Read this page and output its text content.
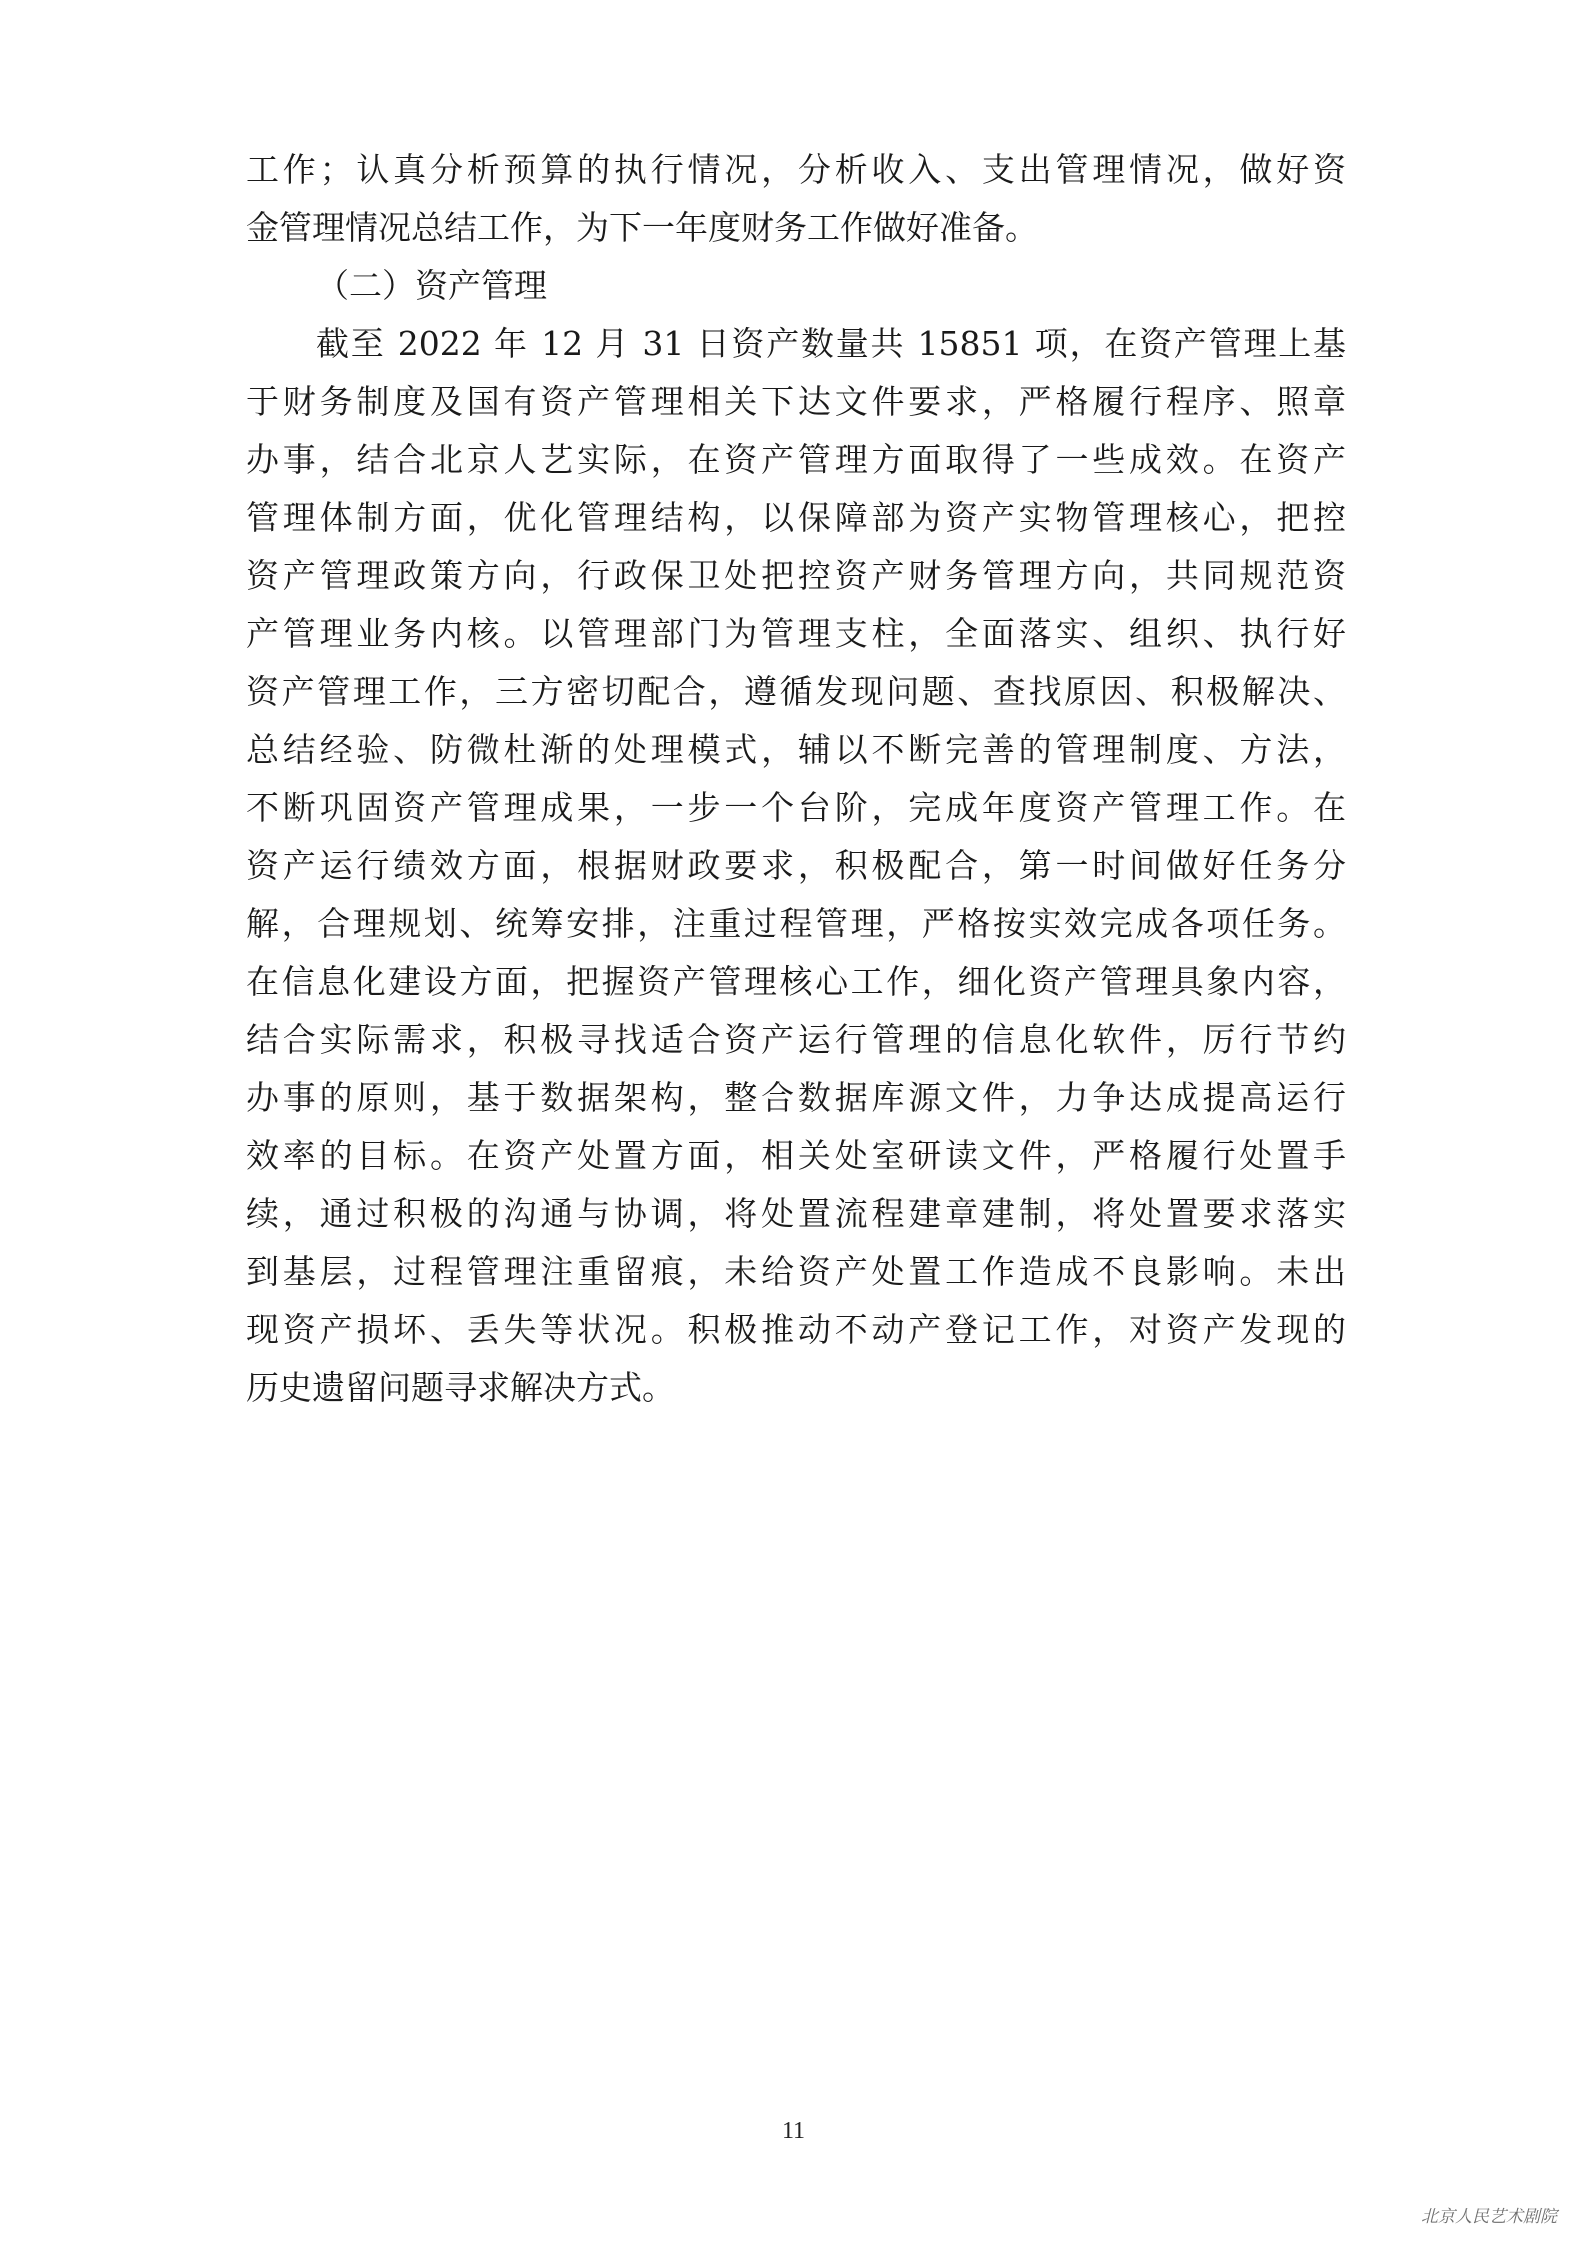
工作；认真分析预算的执行情况，分析收入、支出管理情况，做好资
金管理情况总结工作，为下一年度财务工作做好准备。
（二）资产管理
截至 2022 年 12 月 31 日资产数量共 15851 项，在资产管理上基
于财务制度及国有资产管理相关下达文件要求，严格履行程序、照章
办事，结合北京人艺实际，在资产管理方面取得了一些成效。在资产
管理体制方面，优化管理结构，以保障部为资产实物管理核心，把控
资产管理政策方向，行政保卫处把控资产财务管理方向，共同规范资
产管理业务内核。以管理部门为管理支柱，全面落实、组织、执行好
资产管理工作，三方密切配合，遵循发现问题、查找原因、积极解决、
总结经验、防微杜渐的处理模式，辅以不断完善的管理制度、方法，
不断巩固资产管理成果，一步一个台阶，完成年度资产管理工作。在
资产运行绩效方面，根据财政要求，积极配合，第一时间做好任务分
解，合理规划、统筹安排，注重过程管理，严格按实效完成各项任务。
在信息化建设方面，把握资产管理核心工作，细化资产管理具象内容，
结合实际需求，积极寻找适合资产运行管理的信息化软件，厉行节约
办事的原则，基于数据架构，整合数据库源文件，力争达成提高运行
效率的目标。在资产处置方面，相关处室研读文件，严格履行处置手
续，通过积极的沟通与协调，将处置流程建章建制，将处置要求落实
到基层，过程管理注重留痕，未给资产处置工作造成不良影响。未出
现资产损坏、丢失等状况。积极推动不动产登记工作，对资产发现的
历史遗留问题寻求解决方式。
11
北京人民艺术剧院
